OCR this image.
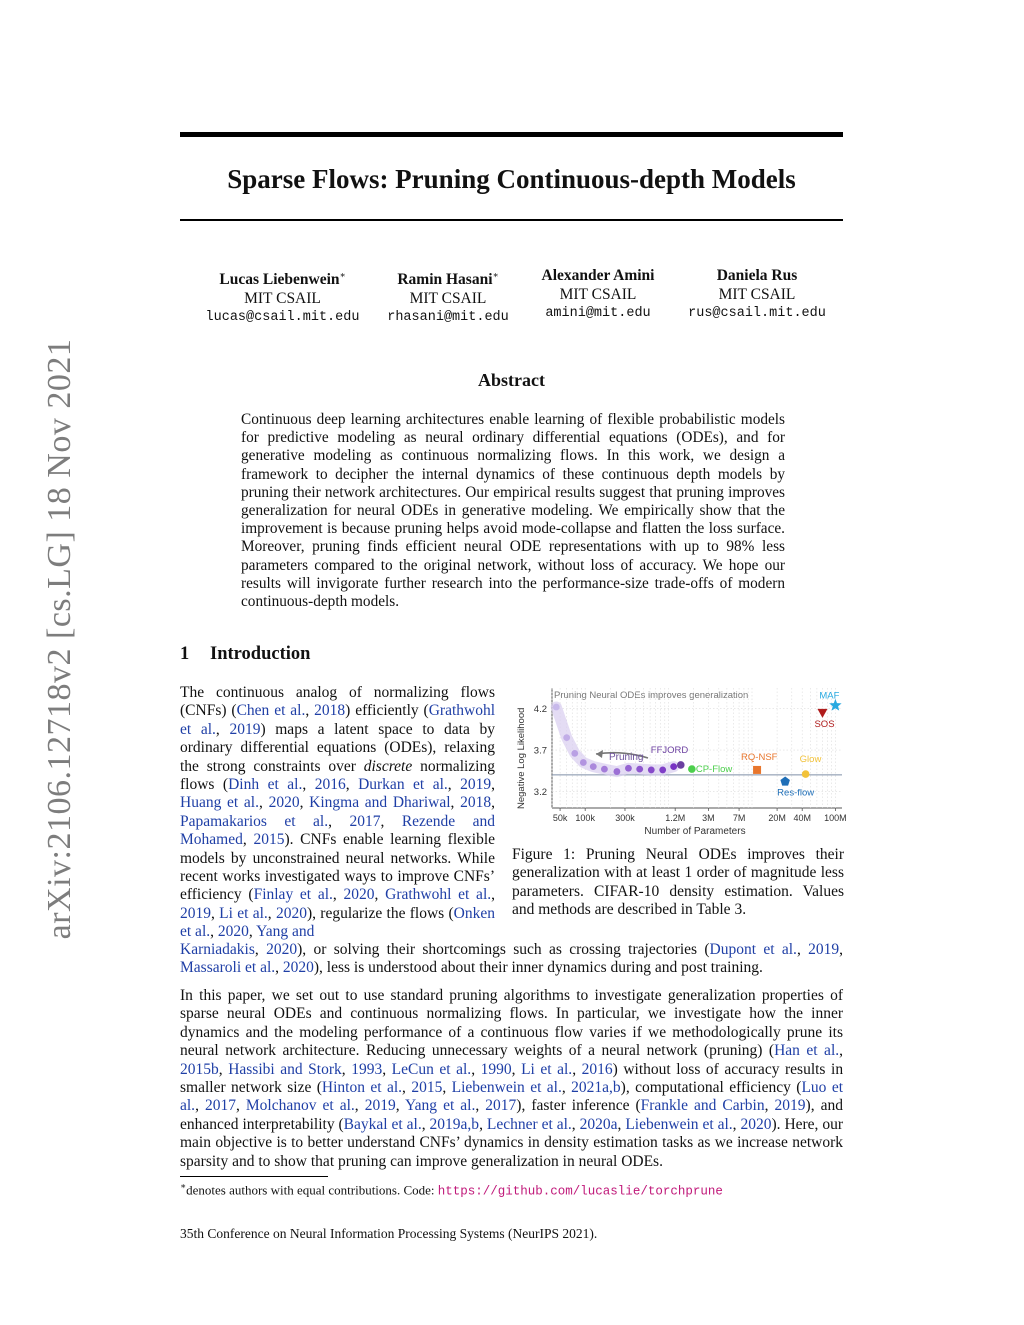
arXiv:2106.12718v2 [cs.LG] 18 Nov 2021
Sparse Flows: Pruning Continuous-depth Models
Lucas Liebenwein∗
MIT CSAIL
lucas@csail.mit.edu
Ramin Hasani∗
MIT CSAIL
rhasani@mit.edu
Alexander Amini
MIT CSAIL
amini@mit.edu
Daniela Rus
MIT CSAIL
rus@csail.mit.edu
Abstract
Continuous deep learning architectures enable learning of flexible probabilistic models for predictive modeling as neural ordinary differential equations (ODEs), and for generative modeling as continuous normalizing flows. In this work, we design a framework to decipher the internal dynamics of these continuous depth models by pruning their network architectures. Our empirical results suggest that pruning improves generalization for neural ODEs in generative modeling. We empirically show that the improvement is because pruning helps avoid mode-collapse and flatten the loss surface. Moreover, pruning finds efficient neural ODE representations with up to 98% less parameters compared to the original network, without loss of accuracy. We hope our results will invigorate further research into the performance-size trade-offs of modern continuous-depth models.
1 Introduction
The continuous analog of normalizing flows (CNFs) (Chen et al., 2018) efficiently (Grathwohl et al., 2019) maps a latent space to data by ordinary differential equations (ODEs), relaxing the strong constraints over discrete normalizing flows (Dinh et al., 2016, Durkan et al., 2019, Huang et al., 2020, Kingma and Dhariwal, 2018, Papamakarios et al., 2017, Rezende and Mohamed, 2015). CNFs enable learning flexible models by unconstrained neural networks. While recent works investigated ways to improve CNFs’ efficiency (Finlay et al., 2020, Grathwohl et al., 2019, Li et al., 2020), regularize the flows (Onken et al., 2020, Yang and
Karniadakis, 2020), or solving their shortcomings such as crossing trajectories (Dupont et al., 2019, Massaroli et al., 2020), less is understood about their inner dynamics during and post training.
In this paper, we set out to use standard pruning algorithms to investigate generalization properties of sparse neural ODEs and continuous normalizing flows. In particular, we investigate how the inner dynamics and the modeling performance of a continuous flow varies if we methodologically prune its neural network architecture. Reducing unnecessary weights of a neural network (pruning) (Han et al., 2015b, Hassibi and Stork, 1993, LeCun et al., 1990, Li et al., 2016) without loss of accuracy results in smaller network size (Hinton et al., 2015, Liebenwein et al., 2021a,b), computational efficiency (Luo et al., 2017, Molchanov et al., 2019, Yang et al., 2017), faster inference (Frankle and Carbin, 2019), and enhanced interpretability (Baykal et al., 2019a,b, Lechner et al., 2020a, Liebenwein et al., 2020). Here, our main objective is to better understand CNFs’ dynamics in density estimation tasks as we increase network sparsity and to show that pruning can improve generalization in neural ODEs.
Pruning Neural ODEs improves generalization
Negative Log Likelihood
Number of Parameters
4.2
3.7
3.2
50k 100k 300k	1.2M 3M 7M	20M 40M 100M
Pruning
FFJORD
CP-Flow
RQ-NSF Glow
Res-flow
SOS
MAF
Figure 1: Pruning Neural ODEs improves their generalization with at least 1 order of magnitude less parameters. CIFAR-10 density estimation. Values and methods are described in Table 3.
∗denotes authors with equal contributions. Code: https://github.com/lucaslie/torchprune
35th Conference on Neural Information Processing Systems (NeurIPS 2021).
